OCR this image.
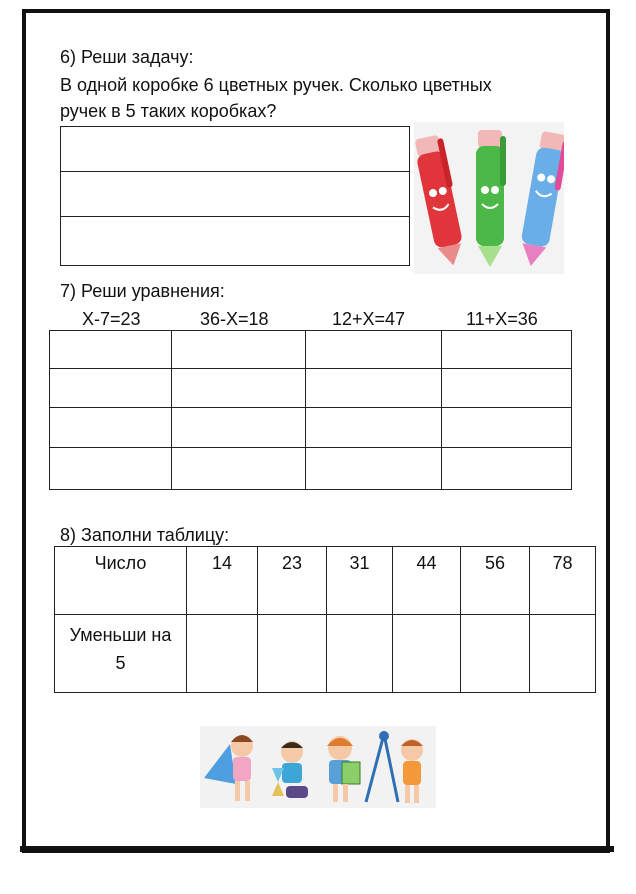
6) Реши задачу:
В одной коробке 6 цветных ручек. Сколько цветных
ручек в 5 таких коробках?

7) Реши уравнения:
X-7=23	36-X=18	12+X=47	11+X=36

8) Заполни таблицу:
Число	14	23	31	44	56	78

Уменьши на
5						
